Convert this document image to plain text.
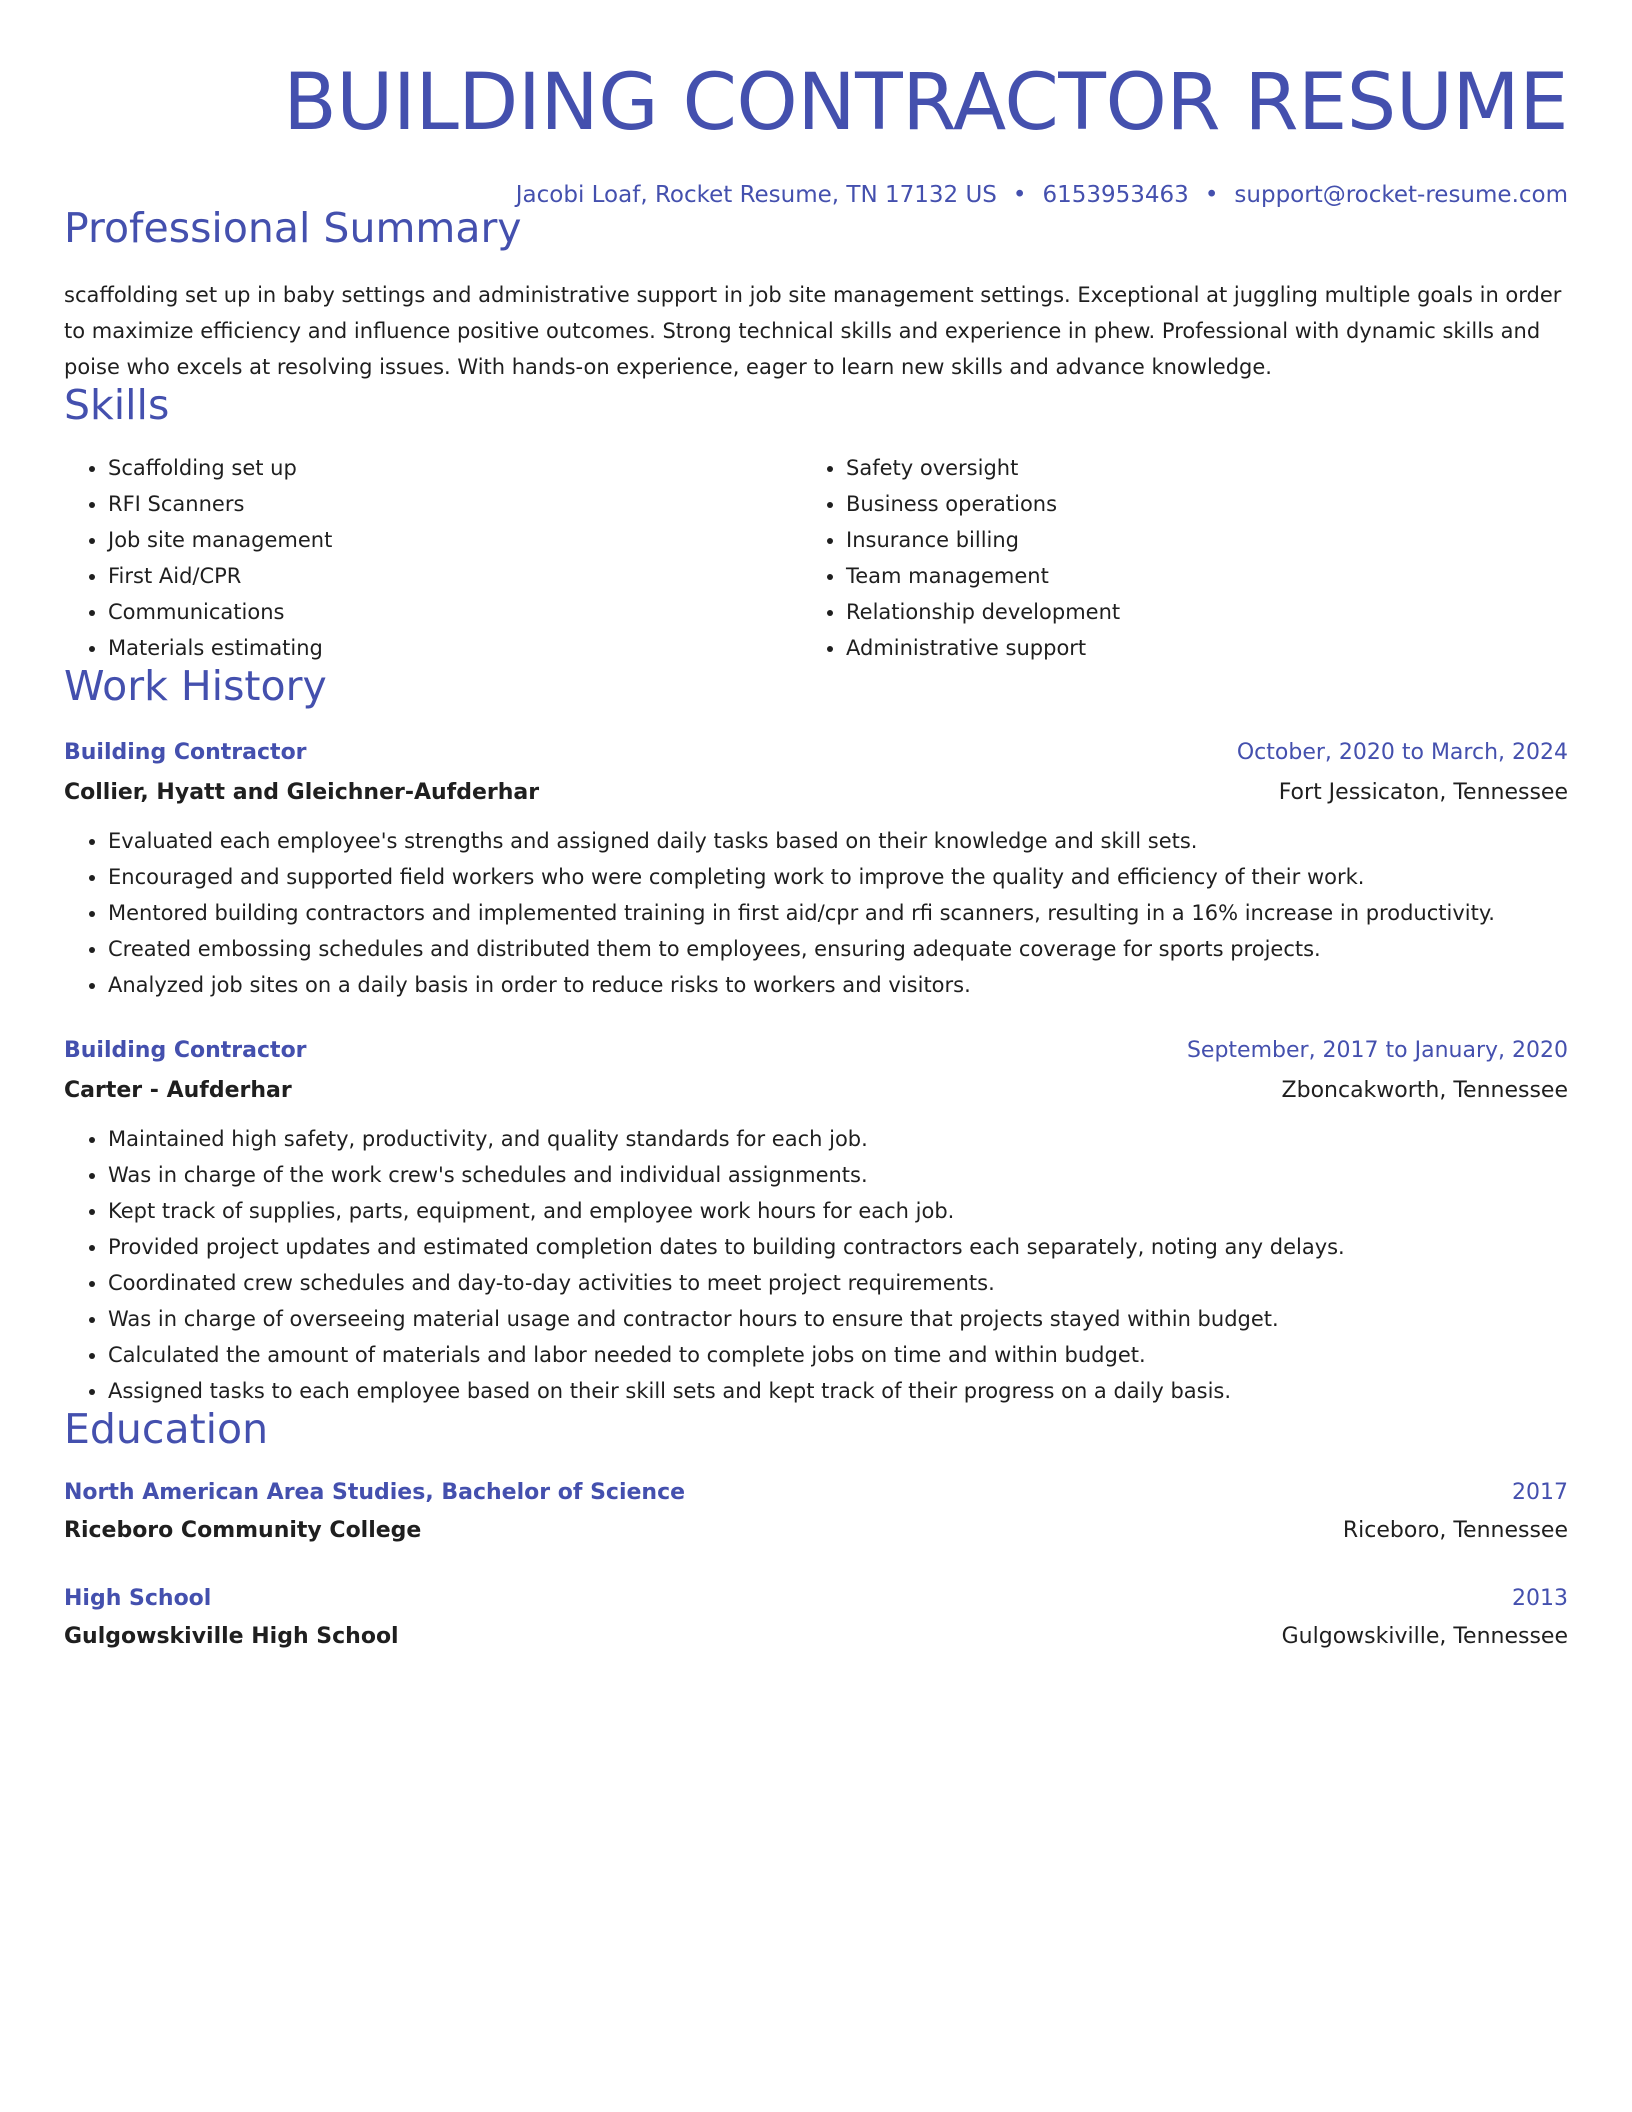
BUILDING CONTRACTOR RESUME
Jacobi Loaf, Rocket Resume, TN 17132 US • 6153953463 • support@rocket-resume.com
Professional Summary

scaffolding set up in baby settings and administrative support in job site management settings. Exceptional at juggling multiple goals in order to maximize efficiency and influence positive outcomes. Strong technical skills and experience in phew. Professional with dynamic skills and poise who excels at resolving issues. With hands-on experience, eager to learn new skills and advance knowledge.

Skills
• Scaffolding set up
• RFI Scanners
• Job site management
• First Aid/CPR
• Communications
• Materials estimating
• Safety oversight
• Business operations
• Insurance billing
• Team management
• Relationship development
• Administrative support
Work History
Building Contractor	October, 2020 to March, 2024
Collier, Hyatt and Gleichner-Aufderhar	Fort Jessicaton, Tennessee
• Evaluated each employee's strengths and assigned daily tasks based on their knowledge and skill sets.
• Encouraged and supported field workers who were completing work to improve the quality and efficiency of their work.
• Mentored building contractors and implemented training in first aid/cpr and rfi scanners, resulting in a 16% increase in productivity.
• Created embossing schedules and distributed them to employees, ensuring adequate coverage for sports projects.
• Analyzed job sites on a daily basis in order to reduce risks to workers and visitors.
Building Contractor	September, 2017 to January, 2020
Carter - Aufderhar	Zboncakworth, Tennessee
• Maintained high safety, productivity, and quality standards for each job.
• Was in charge of the work crew's schedules and individual assignments.
• Kept track of supplies, parts, equipment, and employee work hours for each job.
• Provided project updates and estimated completion dates to building contractors each separately, noting any delays.
• Coordinated crew schedules and day-to-day activities to meet project requirements.
• Was in charge of overseeing material usage and contractor hours to ensure that projects stayed within budget.
• Calculated the amount of materials and labor needed to complete jobs on time and within budget.
• Assigned tasks to each employee based on their skill sets and kept track of their progress on a daily basis.
Education
North American Area Studies, Bachelor of Science	2017
Riceboro Community College	Riceboro, Tennessee
High School	2013
Gulgowskiville High School	Gulgowskiville, Tennessee
